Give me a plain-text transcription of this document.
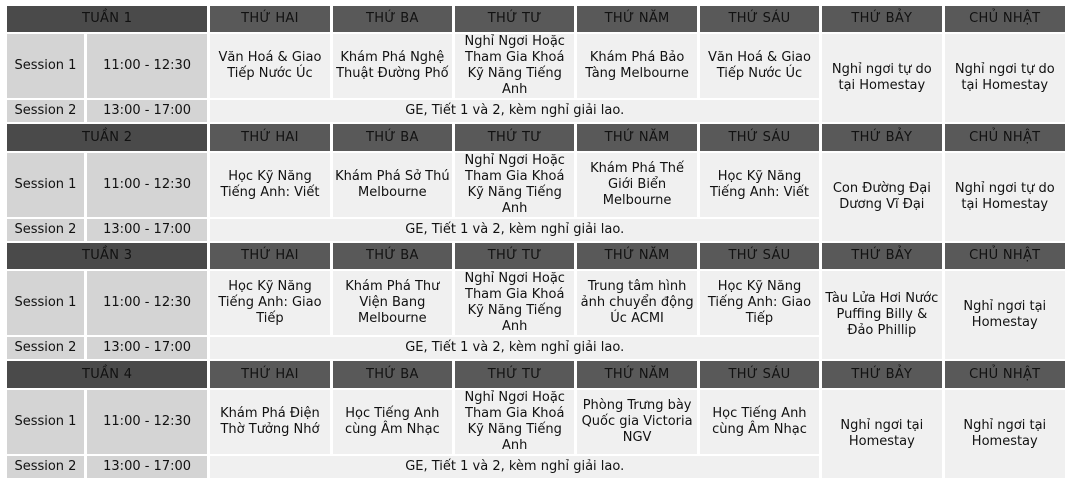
TUẦN 1		THỨ HAI	THỨ BA	THỨ TƯ	THỨ NĂM	THỨ SÁU	THỨ BẢY	CHỦ NHẬT
Session 1	11:00 - 12:30	Văn Hoá & Giao Tiếp Nước Úc	Khám Phá Nghệ Thuật Đường Phố	Nghỉ Ngơi Hoặc Tham Gia Khoá Kỹ Năng Tiếng Anh	Khám Phá Bảo Tàng Melbourne	Văn Hoá & Giao Tiếp Nước Úc	Nghỉ ngơi tự do tại Homestay	Nghỉ ngơi tự do tại Homestay
Session 2	13:00 - 17:00	GE, Tiết 1 và 2, kèm nghỉ giải lao.						
TUẦN 2		THỨ HAI	THỨ BA	THỨ TƯ	THỨ NĂM	THỨ SÁU	THỨ BẢY	CHỦ NHẬT
Session 1	11:00 - 12:30	Học Kỹ Năng Tiếng Anh: Viết	Khám Phá Sở Thú Melbourne	Nghỉ Ngơi Hoặc Tham Gia Khoá Kỹ Năng Tiếng Anh	Khám Phá Thế Giới Biển Melbourne	Học Kỹ Năng Tiếng Anh: Viết	Con Đường Đại Dương Vĩ Đại	Nghỉ ngơi tự do tại Homestay
Session 2	13:00 - 17:00	GE, Tiết 1 và 2, kèm nghỉ giải lao.						
TUẦN 3		THỨ HAI	THỨ BA	THỨ TƯ	THỨ NĂM	THỨ SÁU	THỨ BẢY	CHỦ NHẬT
Session 1	11:00 - 12:30	Học Kỹ Năng Tiếng Anh: Giao Tiếp	Khám Phá Thư Viện Bang Melbourne	Nghỉ Ngơi Hoặc Tham Gia Khoá Kỹ Năng Tiếng Anh	Trung tâm hình ảnh chuyển động Úc ACMI	Học Kỹ Năng Tiếng Anh: Giao Tiếp	Tàu Lửa Hơi Nước Puffing Billy & Đảo Phillip	Nghỉ ngơi tại Homestay
Session 2	13:00 - 17:00	GE, Tiết 1 và 2, kèm nghỉ giải lao.						
TUẦN 4		THỨ HAI	THỨ BA	THỨ TƯ	THỨ NĂM	THỨ SÁU	THỨ BẢY	CHỦ NHẬT
Session 1	11:00 - 12:30	Khám Phá Điện Thờ Tưởng Nhớ	Học Tiếng Anh cùng Âm Nhạc	Nghỉ Ngơi Hoặc Tham Gia Khoá Kỹ Năng Tiếng Anh	Phòng Trưng bày Quốc gia Victoria NGV	Học Tiếng Anh cùng Âm Nhạc	Nghỉ ngơi tại Homestay	Nghỉ ngơi tại Homestay
Session 2	13:00 - 17:00	GE, Tiết 1 và 2, kèm nghỉ giải lao.						
